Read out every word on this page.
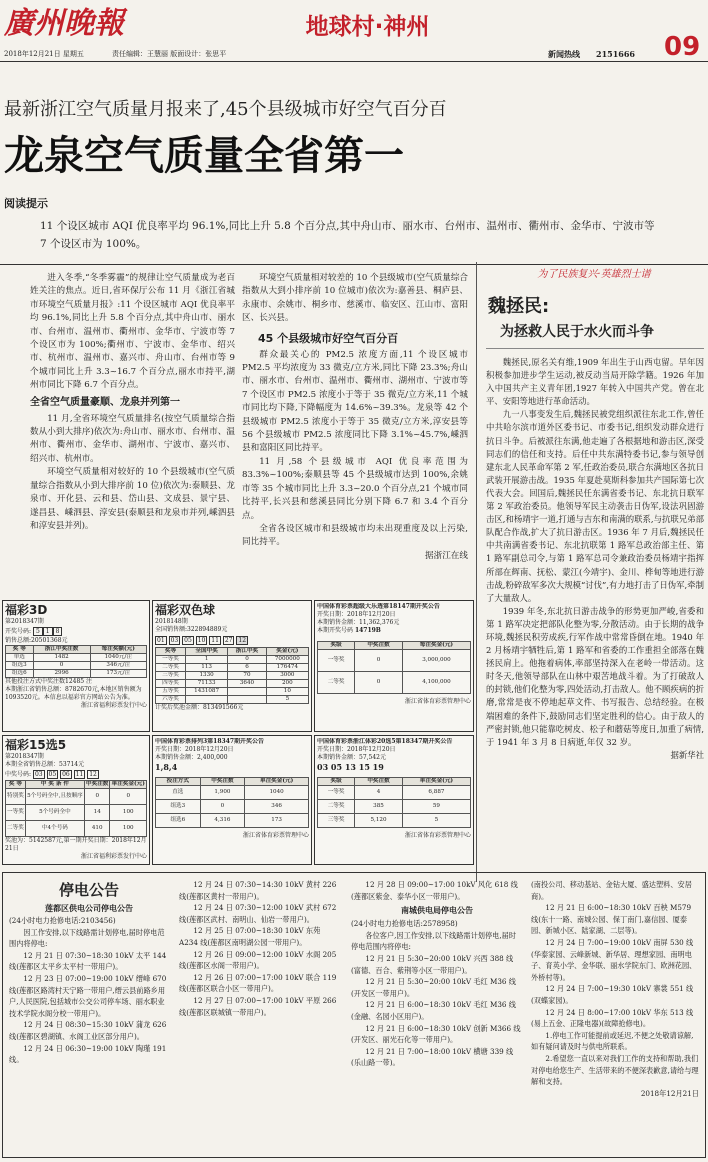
廣州晚報	地球村·神州
09
2018年12月21日 星期五	责任编辑：王慧丽 版面设计：张思平	新闻热线 2151666
最新浙江空气质量月报来了,45个县级城市好空气百分百
龙泉空气质量全省第一
阅读提示
11 个设区城市 AQI 优良率平均 96.1%,同比上升 5.8 个百分点,其中舟山市、丽水市、台州市、温州市、衢州市、金华市、宁波市等 7 个设区市为 100%。

进入冬季,“冬季雾霾”的规律让空气质量成为老百姓关注的焦点。近日,省环保厅公布 11 月《浙江省城市环境空气质量月报》:11 个设区城市 AQI 优良率平均 96.1%,同比上升 5.8 个百分点,其中舟山市、丽水市、台州市、温州市、衢州市、金华市、宁波市等 7 个设区市为 100%;衢州市、宁波市、金华市、绍兴市、杭州市、温州市、嘉兴市、舟山市、台州市等 9 个城市同比上升 3.3~16.7 个百分点,丽水市持平,湖州市同比下降 6.7 个百分点。

全省空气质量豪顺、龙泉并列第一

11 月,全省环境空气质量排名(按空气质量综合指数从小到大排序)依次为:舟山市、丽水市、台州市、温州市、衢州市、金华市、湖州市、宁波市、嘉兴市、绍兴市、杭州市。

环境空气质量相对较好的 10 个县级城市(空气质量综合指数从小到大排序前 10 位)依次为:泰顺县、龙泉市、开化县、云和县、岱山县、文成县、景宁县、遂昌县、嵊泗县、淳安县(泰顺县和龙泉市并列,嵊泗县和淳安县并列)。

环境空气质量相对较差的 10 个县级城市(空气质量综合指数从大到小排序前 10 位城市)依次为:嘉善县、桐庐县、永康市、余姚市、桐乡市、慈溪市、临安区、江山市、富阳区、长兴县。

45 个县级城市好空气百分百

群众最关心的 PM2.5 浓度方面,11 个设区城市 PM2.5 平均浓度为 33 微克/立方米,同比下降 23.3%;舟山市、丽水市、台州市、温州市、衢州市、湖州市、宁波市等 7 个设区市 PM2.5 浓度小于等于 35 微克/立方米,11 个城市同比均下降,下降幅度为 14.6%~39.3%。龙泉等 42 个县级城市 PM2.5 浓度小于等于 35 微克/立方米,淳安县等 56 个县级城市 PM2.5 浓度同比下降 3.1%~45.7%,嵊泗县和富阳区同比持平。

11 月,58 个县级城市 AQI 优良率范围为 83.3%~100%;泰顺县等 45 个县级城市达到 100%,余姚市等 35 个城市同比上升 3.3~20.0 个百分点,21 个城市同比持平,长兴县和慈溪县同比分别下降 6.7 和 3.4 个百分点。

全省各设区城市和县级城市均未出现重度及以上污染,同比持平。

据浙江在线
为了民族复兴·英雄烈士谱
魏拯民:
为拯救人民于水火而斗争

魏拯民,原名关有维,1909 年出生于山西屯留。早年因积极参加进步学生运动,被反动当局开除学籍。1926 年加入中国共产主义青年团,1927 年转入中国共产党。曾在北平、安阳等地进行革命活动。

九一八事变发生后,魏拯民被党组织派往东北工作,曾任中共哈尔滨市道外区委书记、市委书记,组织发动群众进行抗日斗争。后被派往东满,他走遍了各根据地和游击区,深受同志们的信任和支持。后任中共东满特委书记,参与领导创建东北人民革命军第 2 军,任政治委员,联合东满地区各抗日武装开展游击战。1935 年夏赴莫斯科参加共产国际第七次代表大会。回国后,魏拯民任东满省委书记、东北抗日联军第 2 军政治委员。他领导军民主动袭击日伪军,设法巩固游击区,和杨靖宇一道,打通与吉东和南满的联系,与抗联兄弟部队配合作战,扩大了抗日游击区。1936 年 7 月后,魏拯民任中共南满省委书记、东北抗联第 1 路军总政治部主任、第 1 路军副总司令,与第 1 路军总司令兼政治委员杨靖宇指挥所部在辉南、抚松、蒙江(今靖宇)、金川、桦甸等地进行游击战,粉碎敌军多次大规模“讨伐”,有力地打击了日伪军,牵制了大量敌人。

1939 年冬,东北抗日游击战争的形势更加严峻,省委和第 1 路军决定把部队化整为零,分散活动。由于长期的战争环境,魏拯民积劳成疾,行军作战中常常昏倒在地。1940 年 2 月杨靖宇牺牲后,第 1 路军和省委的工作重担全部落在魏拯民肩上。他拖着病体,率部坚持深入在老岭一带活动。这时冬天,他领导部队在山林中艰苦地战斗着。为了打破敌人的封锁,他们化整为零,四处活动,打击敌人。他不顾疾病的折磨,常常是夜不停地起草文件、书写报告、总结经验。在极端困难的条件下,鼓励同志们坚定胜利的信心。由于敌人的严密封锁,他只能靠吃树皮、松子和蘑菇等度日,加重了病情,于 1941 年 3 月 8 日病逝,年仅 32 岁。

据新华社
福彩3D
第2018347期
开奖号码: 5 1 8
销售总额:20501368元
奖 等	浙江中奖注数	每注奖额(元)
单选	1482	1040元/注
组选3	0	346元/注
组选6	2996	173元/注
其他投注方式中奖注数12485 注
本期浙江省销售总额：8782670元,本地区销售额为1093520元。本信息以福彩官方网站公告为准。
浙江省福利彩票发行中心
福彩双色球
2018148期
全国销售额:322894889元
01 03 05 10 11 27 12
奖等	全国中奖	浙江中奖	奖金(元)
一等奖	1	0	7000000
二等奖	113	6	176474
三等奖	1330	70	3000
四等奖	71133	3640	200
五等奖	1431087		10
六等奖			5
计奖后奖池金额：813491566元
中国体育彩票超级大乐透第18147期开奖公告
开奖日期：2018年12月20日
本期销售金额：11,362,376元
本期开奖号码 14719B
奖级	中奖注数	每注奖金(元)
一等奖	0	3,000,000
二等奖	0	4,100,000
浙江省体育彩票管理中心
福彩15选5
第2018347期
本期全省销售总额：53714元
中奖号码: 03 05 06 11 12
奖 等	中 奖 条 件	中奖注数	单注奖金(元)
特别奖	5个号码全中,且按顺序	0	0
一等奖	5个号码全中	14	100
二等奖	中4个号码	410	100
奖池为：5142587元,第一期开奖日期：2018年12月21日
浙江省福利彩票发行中心
中国体育彩票排列3第18347期开奖公告
开奖日期：2018年12月20日
本期销售金额：2,400,000
1,8,4
投注方式	中奖注数	单注奖金(元)
直选	1,900	1040
组选3	0	346
组选6	4,316	173
浙江省体育彩票管理中心
中国体育彩票浙江体彩20选5第18347期开奖公告
开奖日期：2018年12月20日
本期销售金额：57,542元
03 05 13 15 19
奖级	中奖注数	单注奖金(元)
一等奖	4	6,887
二等奖	385	59
三等奖	5,120	5
浙江省体育彩票管理中心
停电公告
莲都区供电公司停电公告
(24小时电力抢修电话:2103456)

因工作安排,以下线路需计划停电,届时停电范围内将停电:

12 月 21 日 07:30~18:30 10kV 太平 144线(莲都区太平乡太平村一带用户)。

12 月 23 日 07:00~19:00 10kV 缙峰 670 线(莲都区路湾村天宁路一带用户,缙云县前路乡用户,人民医院,包括城市公交公司停车场、丽水职业技术学院水阁分校一带用户)。

12 月 24 日 08:30~15:30 10kV 蒲龙 626 线(莲都区碧湖镇、水阁工业区部分用户)。

12 月 24 日 06:30~19:00 10kV 陶瑾 191 线。

12 月 24 日 07:30~14:30 10kV 黄村 226 线(莲都区黄村一带用户)。

12 月 24 日 07:30~12:00 10kV 武村 672 线(莲都区武村、南明山、仙岩一带用户)。

12 月 25 日 07:00~18:30 10kV 东苑 A234 线(莲都区南明湖公园一带用户)。

12 月 26 日 09:00~12:00 10kV 水阁 205 线(莲都区水阁一带用户)。

12 月 26 日 07:00~17:00 10kV 联合 119 线(莲都区联合小区一带用户)。

12 月 27 日 07:00~17:00 10kV 平原 266 线(莲都区联城镇一带用户)。

12 月 28 日 09:00~17:00 10kV 风化 618 线(莲都区紫金、泰华小区一带用户)。

南城供电局停电公告
(24小时电力抢修电话:2578958)

各位客户,因工作安排,以下线路需计划停电,届时停电范围内将停电:

12 月 21 日 5:30~20:00 10kV 兴西 388 线(富德、百合、紫荆等小区一带用户)。

12 月 21 日 5:30~20:00 10kV 毛红 M36 线(开发区一带用户)。

12 月 21 日 6:00~18:30 10kV 毛红 M36 线(金融、名园小区用户)。

12 月 21 日 6:00~18:30 10kV 创新 M366 线(开发区、丽光石化等一带用户)。

12 月 21 日 7:00~18:00 10kV 横塘 339 线(乐山路一带)。

(南投公司、移动基站、金钻大厦、盛达塑料、安居商)。

12 月 21 日 6:00~18:30 10kV 百秧 M579 线(东十一路、南城公园、保丁南门,嘉信园、厦泰园、新城小区、陆家湖、二层等)。

12 月 24 日 7:00~19:00 10kV 南屏 530 线(华泰家园、云峰新城、新华居、理想家园、南明电子、育英小学、金华联、丽水学院东门、欧洲花园、外桥村等)。

12 月 24 日 7:00~19:30 10kV 寨裳 551 线(双蝶家园)。

12 月 24 日 8:00~17:00 10kV 华东 513 线(易上五金、正隆电器)(故障抢修电)。

1.停电工作可能提前或延迟,不便之处敬请谅解,如有疑问请及时与供电所联系。

2.希望您一直以来对我们工作的支持和帮助,我们对停电给您生产、生活带来的不便深表歉意,请给与理解和支持。

2018年12月21日
